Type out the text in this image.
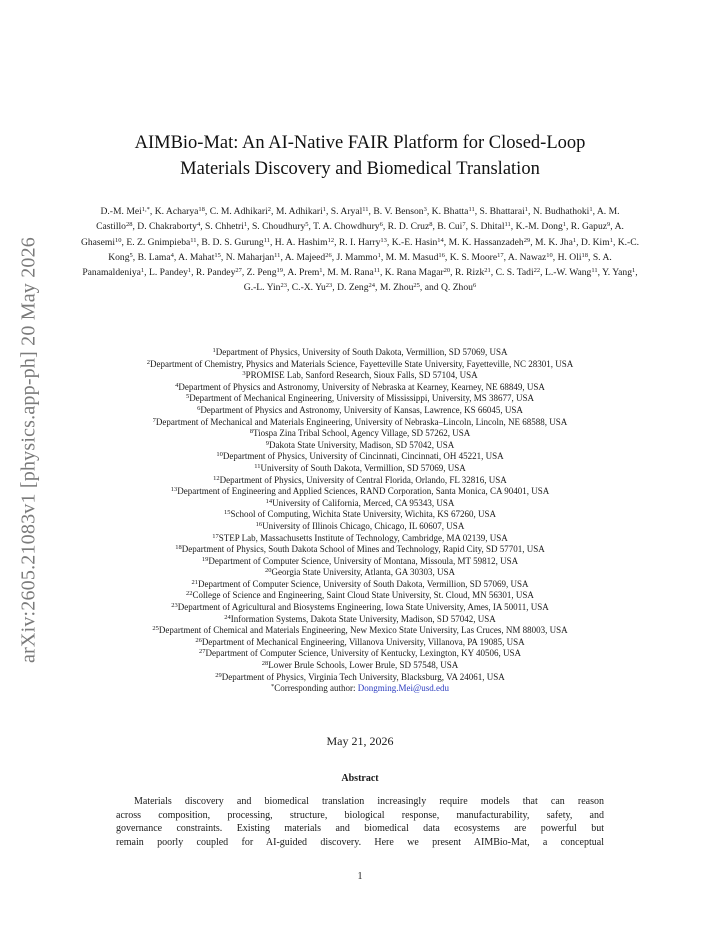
arXiv:2605.21083v1 [physics.app-ph] 20 May 2026
AIMBio-Mat: An AI-Native FAIR Platform for Closed-Loop
Materials Discovery and Biomedical Translation
D.-M. Mei$^{1,*}$, K. Acharya$^{18}$, C. M. Adhikari$^2$, M. Adhikari$^1$, S. Aryal$^{11}$, B. V. Benson$^3$, K. Bhatta$^{11}$, S. Bhattarai$^1$, N. Budhathoki$^1$, A. M. Castillo$^{28}$, D. Chakraborty$^4$, S. Chhetri$^1$, S. Choudhury$^5$, T. A. Chowdhury$^6$, R. D. Cruz$^8$, B. Cui$^7$, S. Dhital$^{11}$, K.-M. Dong$^1$, R. Gapuz$^9$, A. Ghasemi$^{10}$, E. Z. Gnimpieba$^{11}$, B. D. S. Gurung$^{11}$, H. A. Hashim$^{12}$, R. I. Harry$^{13}$, K.-E. Hasin$^{14}$, M. K. Hassanzadeh$^{29}$, M. K. Jha$^1$, D. Kim$^1$, K.-C. Kong$^5$, B. Lama$^4$, A. Mahat$^{15}$, N. Maharjan$^{11}$, A. Majeed$^{26}$, J. Mammo$^1$, M. M. Masud$^{16}$, K. S. Moore$^{17}$, A. Nawaz$^{10}$, H. Oli$^{18}$, S. A. Panamaldeniya$^1$, L. Pandey$^1$, R. Pandey$^{27}$, Z. Peng$^{19}$, A. Prem$^1$, M. M. Rana$^{11}$, K. Rana Magar$^{20}$, R. Rizk$^{21}$, C. S. Tadi$^{22}$, L.-W. Wang$^{11}$, Y. Yang$^1$, G.-L. Yin$^{23}$, C.-X. Yu$^{23}$, D. Zeng$^{24}$, M. Zhou$^{25}$, and Q. Zhou$^6$
$^1$Department of Physics, University of South Dakota, Vermillion, SD 57069, USA
$^2$Department of Chemistry, Physics and Materials Science, Fayetteville State University, Fayetteville, NC 28301, USA
$^3$PROMISE Lab, Sanford Research, Sioux Falls, SD 57104, USA
$^4$Department of Physics and Astronomy, University of Nebraska at Kearney, Kearney, NE 68849, USA
$^5$Department of Mechanical Engineering, University of Mississippi, University, MS 38677, USA
$^6$Department of Physics and Astronomy, University of Kansas, Lawrence, KS 66045, USA
$^7$Department of Mechanical and Materials Engineering, University of Nebraska–Lincoln, Lincoln, NE 68588, USA
$^8$Tiospa Zina Tribal School, Agency Village, SD 57262, USA
$^9$Dakota State University, Madison, SD 57042, USA
$^{10}$Department of Physics, University of Cincinnati, Cincinnati, OH 45221, USA
$^{11}$University of South Dakota, Vermillion, SD 57069, USA
$^{12}$Department of Physics, University of Central Florida, Orlando, FL 32816, USA
$^{13}$Department of Engineering and Applied Sciences, RAND Corporation, Santa Monica, CA 90401, USA
$^{14}$University of California, Merced, CA 95343, USA
$^{15}$School of Computing, Wichita State University, Wichita, KS 67260, USA
$^{16}$University of Illinois Chicago, Chicago, IL 60607, USA
$^{17}$STEP Lab, Massachusetts Institute of Technology, Cambridge, MA 02139, USA
$^{18}$Department of Physics, South Dakota School of Mines and Technology, Rapid City, SD 57701, USA
$^{19}$Department of Computer Science, University of Montana, Missoula, MT 59812, USA
$^{20}$Georgia State University, Atlanta, GA 30303, USA
$^{21}$Department of Computer Science, University of South Dakota, Vermillion, SD 57069, USA
$^{22}$College of Science and Engineering, Saint Cloud State University, St. Cloud, MN 56301, USA
$^{23}$Department of Agricultural and Biosystems Engineering, Iowa State University, Ames, IA 50011, USA
$^{24}$Information Systems, Dakota State University, Madison, SD 57042, USA
$^{25}$Department of Chemical and Materials Engineering, New Mexico State University, Las Cruces, NM 88003, USA
$^{26}$Department of Mechanical Engineering, Villanova University, Villanova, PA 19085, USA
$^{27}$Department of Computer Science, University of Kentucky, Lexington, KY 40506, USA
$^{28}$Lower Brule Schools, Lower Brule, SD 57548, USA
$^{29}$Department of Physics, Virginia Tech University, Blacksburg, VA 24061, USA
*Corresponding author: Dongming.Mei@usd.edu
May 21, 2026
Abstract
Materials discovery and biomedical translation increasingly require models that can reason
across composition, processing, structure, biological response, manufacturability, safety, and
governance constraints. Existing materials and biomedical data ecosystems are powerful but
remain poorly coupled for AI-guided discovery. Here we present AIMBio-Mat, a conceptual
1
